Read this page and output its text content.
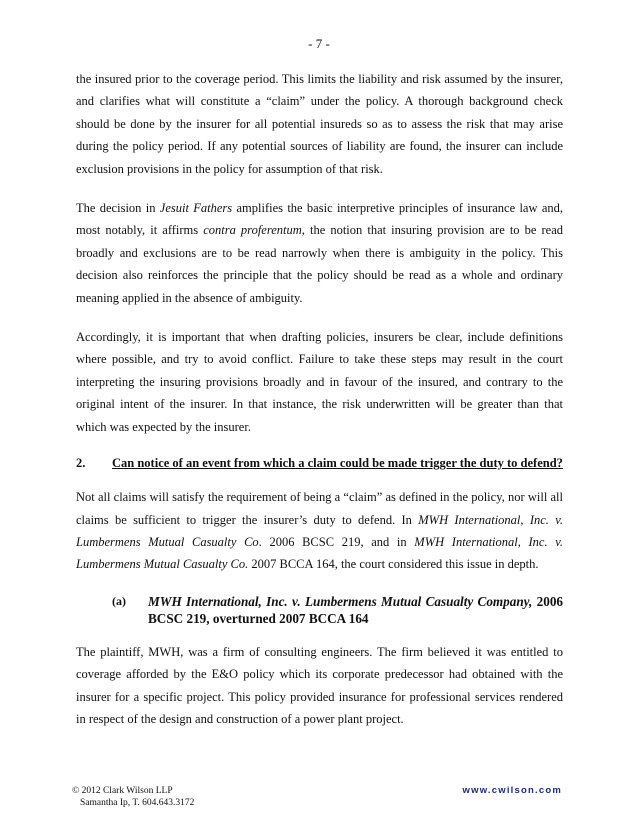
- 7 -

the insured prior to the coverage period. This limits the liability and risk assumed by the insurer, and clarifies what will constitute a “claim” under the policy. A thorough background check should be done by the insurer for all potential insureds so as to assess the risk that may arise during the policy period. If any potential sources of liability are found, the insurer can include exclusion provisions in the policy for assumption of that risk.

The decision in Jesuit Fathers amplifies the basic interpretive principles of insurance law and, most notably, it affirms contra proferentum, the notion that insuring provision are to be read broadly and exclusions are to be read narrowly when there is ambiguity in the policy. This decision also reinforces the principle that the policy should be read as a whole and ordinary meaning applied in the absence of ambiguity.

Accordingly, it is important that when drafting policies, insurers be clear, include definitions where possible, and try to avoid conflict. Failure to take these steps may result in the court interpreting the insuring provisions broadly and in favour of the insured, and contrary to the original intent of the insurer. In that instance, the risk underwritten will be greater than that which was expected by the insurer.

2.	Can notice of an event from which a claim could be made trigger the duty to defend?

Not all claims will satisfy the requirement of being a “claim” as defined in the policy, nor will all claims be sufficient to trigger the insurer’s duty to defend. In MWH International, Inc. v. Lumbermens Mutual Casualty Co. 2006 BCSC 219, and in MWH International, Inc. v. Lumbermens Mutual Casualty Co. 2007 BCCA 164, the court considered this issue in depth.

(a)	MWH International, Inc. v. Lumbermens Mutual Casualty Company, 2006 BCSC 219, overturned 2007 BCCA 164

The plaintiff, MWH, was a firm of consulting engineers. The firm believed it was entitled to coverage afforded by the E&O policy which its corporate predecessor had obtained with the insurer for a specific project. This policy provided insurance for professional services rendered in respect of the design and construction of a power plant project.

© 2012 Clark Wilson LLP
Samantha Ip, T. 604.643.3172
www.cwilson.com
